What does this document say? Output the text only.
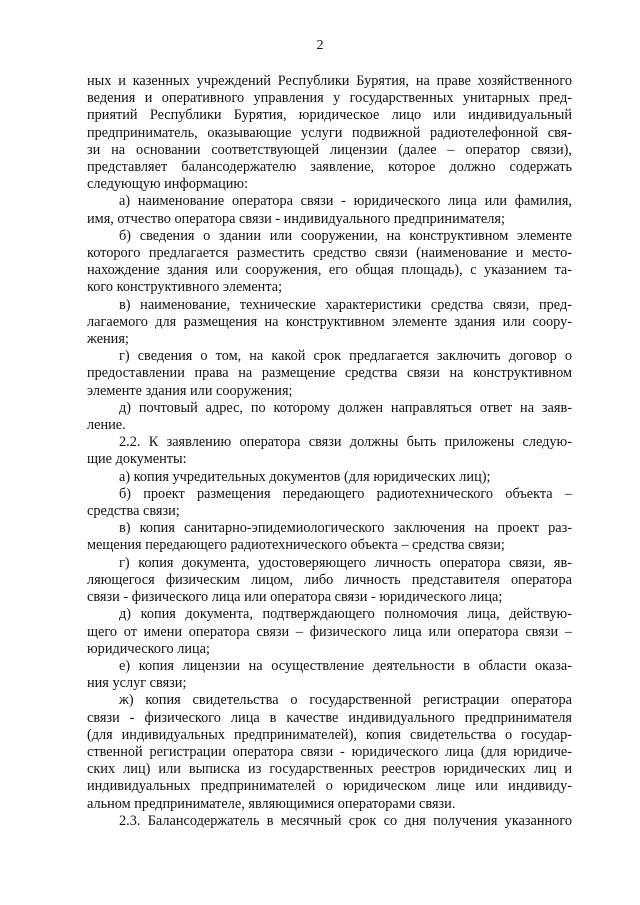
2
ных и казенных учреждений Республики Бурятия, на праве хозяйственного
ведения и оперативного управления у государственных унитарных пред-
приятий Республики Бурятия, юридическое лицо или индивидуальный
предприниматель, оказывающие услуги подвижной радиотелефонной свя-
зи на основании соответствующей лицензии (далее – оператор связи),
представляет балансодержателю заявление, которое должно содержать
следующую информацию:
а) наименование оператора связи - юридического лица или фамилия,
имя, отчество оператора связи - индивидуального предпринимателя;
б) сведения о здании или сооружении, на конструктивном элементе
которого предлагается разместить средство связи (наименование и место-
нахождение здания или сооружения, его общая площадь), с указанием та-
кого конструктивного элемента;
в) наименование, технические характеристики средства связи, пред-
лагаемого для размещения на конструктивном элементе здания или соору-
жения;
г) сведения о том, на какой срок предлагается заключить договор о
предоставлении права на размещение средства связи на конструктивном
элементе здания или сооружения;
д) почтовый адрес, по которому должен направляться ответ на заяв-
ление.
2.2. К заявлению оператора связи должны быть приложены следую-
щие документы:
а) копия учредительных документов (для юридических лиц);
б) проект размещения передающего радиотехнического объекта –
средства связи;
в) копия санитарно-эпидемиологического заключения на проект раз-
мещения передающего радиотехнического объекта – средства связи;
г) копия документа, удостоверяющего личность оператора связи, яв-
ляющегося физическим лицом, либо личность представителя оператора
связи - физического лица или оператора связи - юридического лица;
д) копия документа, подтверждающего полномочия лица, действую-
щего от имени оператора связи – физического лица или оператора связи –
юридического лица;
е) копия лицензии на осуществление деятельности в области оказа-
ния услуг связи;
ж) копия свидетельства о государственной регистрации оператора
связи - физического лица в качестве индивидуального предпринимателя
(для индивидуальных предпринимателей), копия свидетельства о государ-
ственной регистрации оператора связи - юридического лица (для юридиче-
ских лиц) или выписка из государственных реестров юридических лиц и
индивидуальных предпринимателей о юридическом лице или индивиду-
альном предпринимателе, являющимися операторами связи.
2.3. Балансодержатель в месячный срок со дня получения указанного
